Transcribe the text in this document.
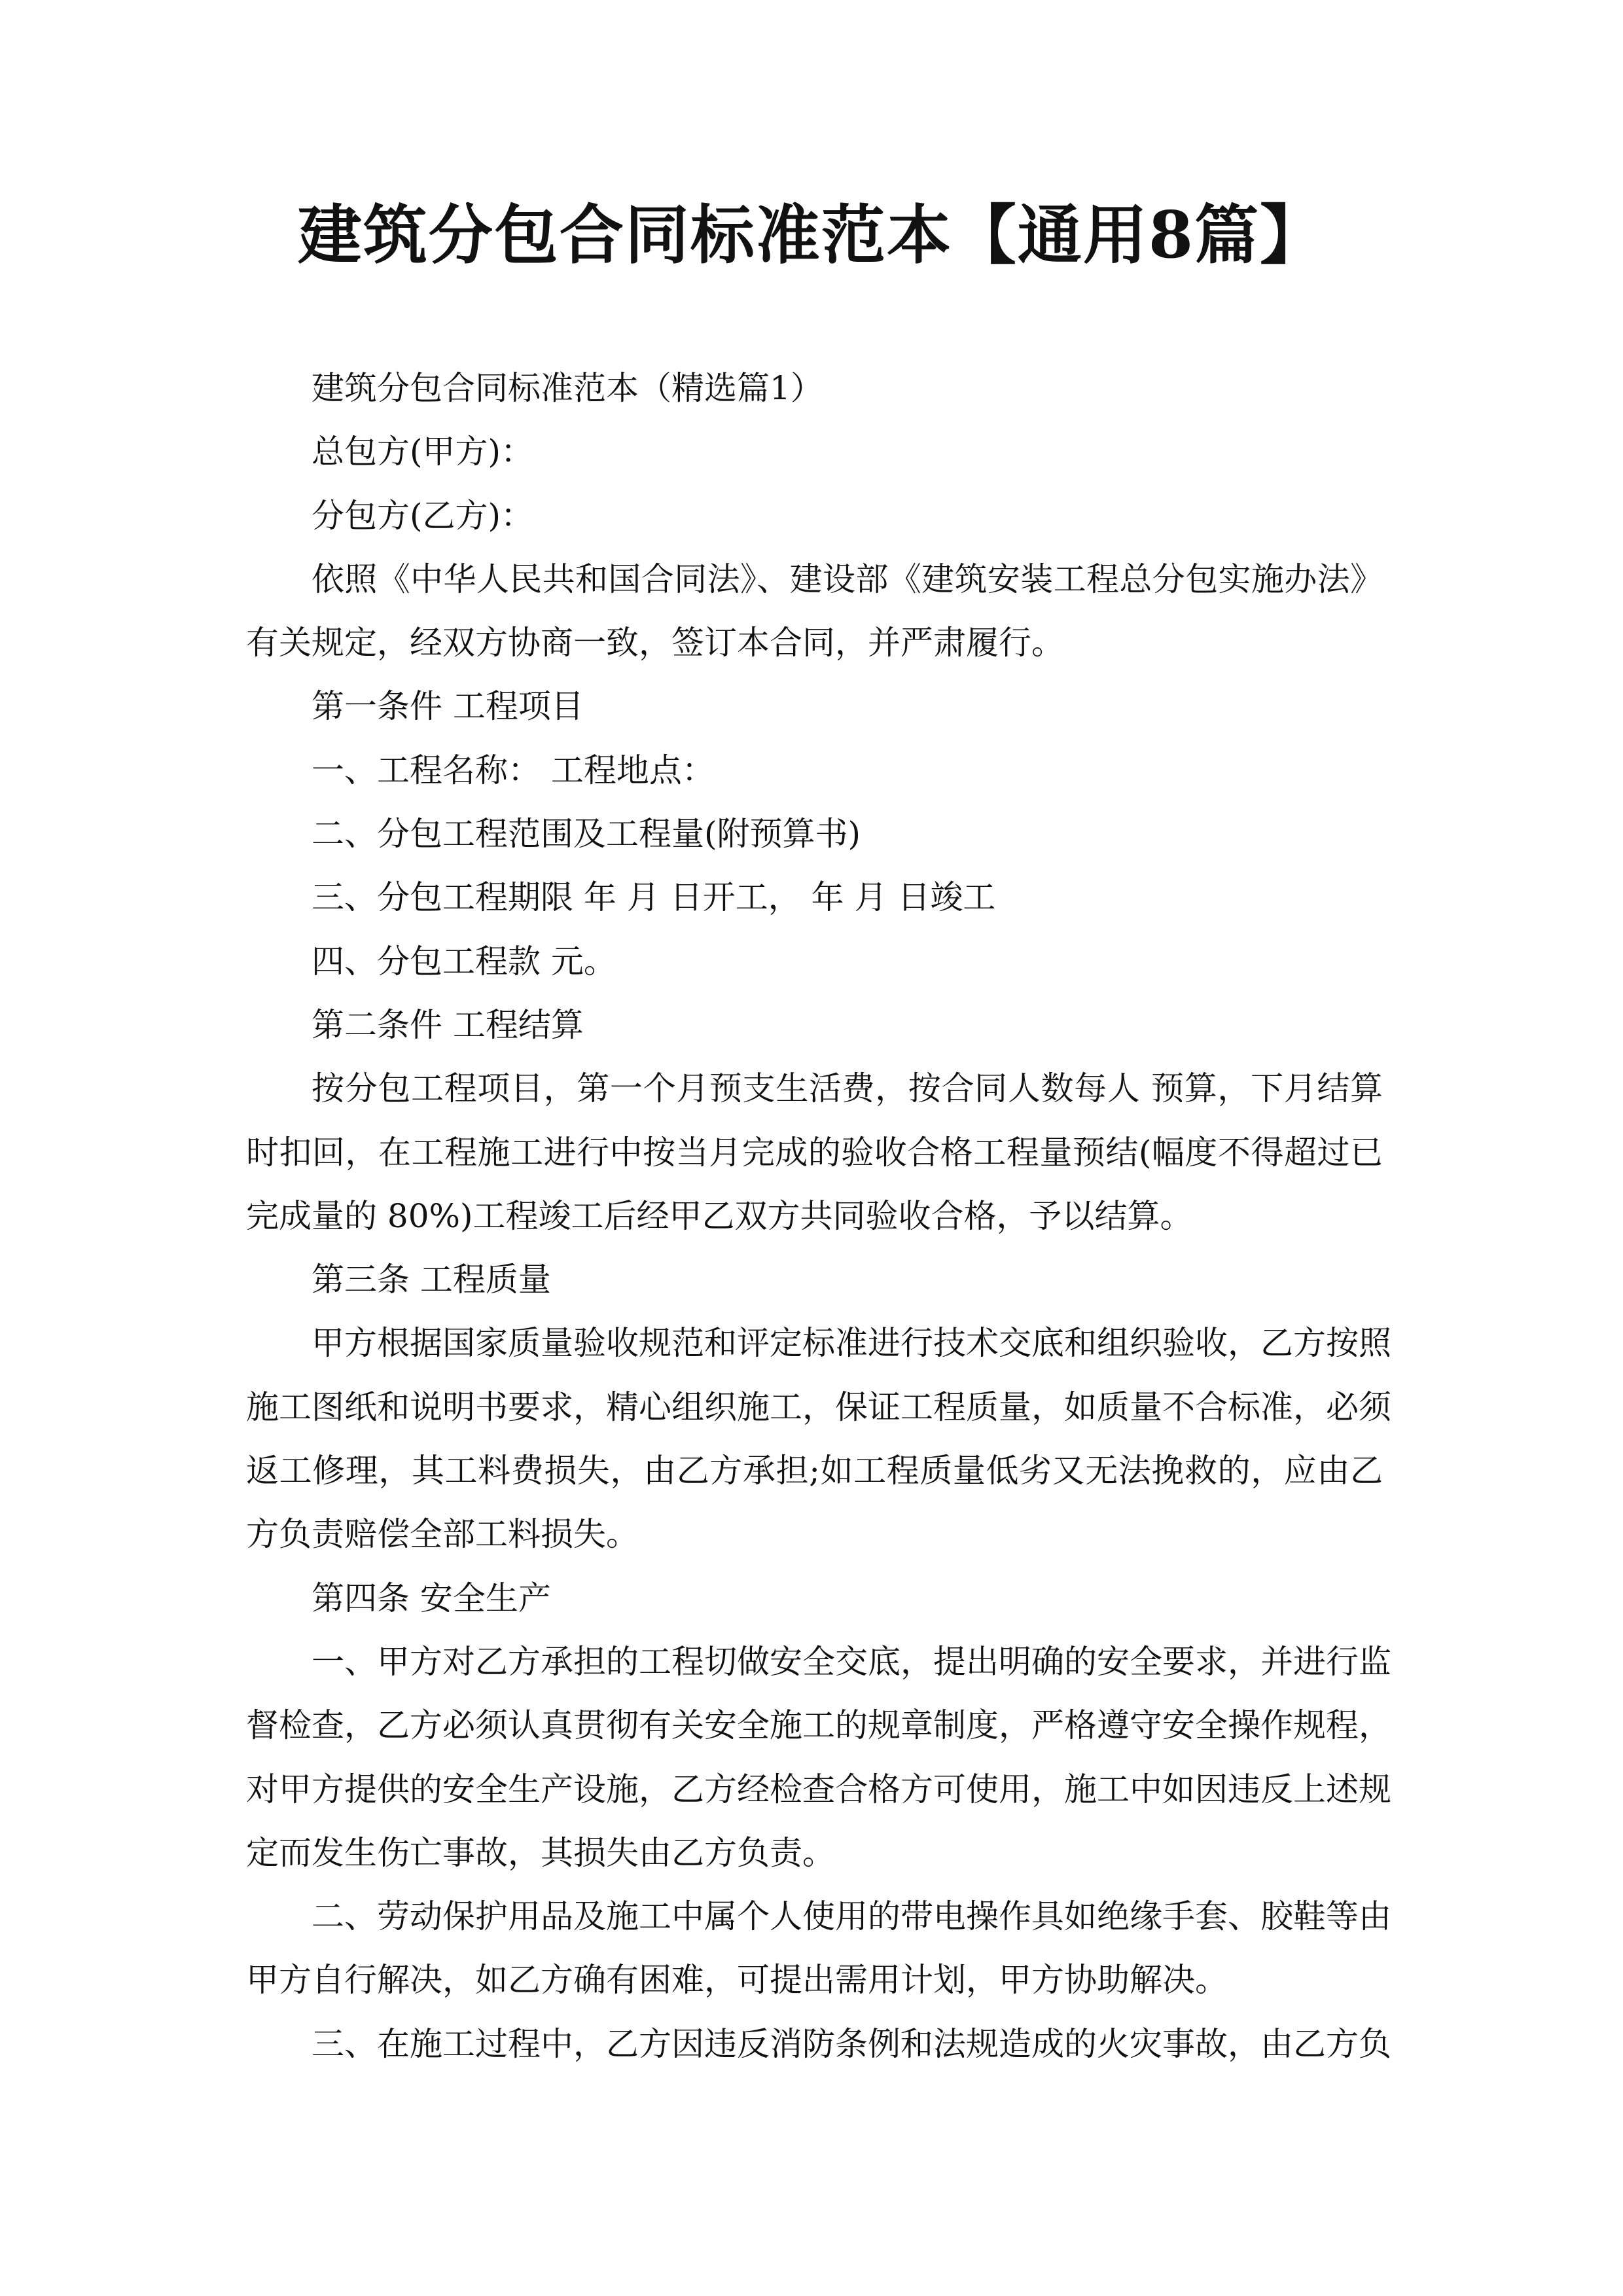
建筑分包合同标准范本【通用8篇】
建筑分包合同标准范本（精选篇1）
总包方(甲方)：
分包方(乙方)：
依照《中华人民共和国合同法》、建设部《建筑安装工程总分包实施办法》
有关规定，经双方协商一致，签订本合同，并严肃履行。
第一条件 工程项目
一、工程名称： 工程地点：
二、分包工程范围及工程量(附预算书)
三、分包工程期限 年 月 日开工， 年 月 日竣工
四、分包工程款 元。
第二条件 工程结算
按分包工程项目，第一个月预支生活费，按合同人数每人 预算，下月结算
时扣回，在工程施工进行中按当月完成的验收合格工程量预结(幅度不得超过已
完成量的 80%)工程竣工后经甲乙双方共同验收合格，予以结算。
第三条 工程质量
甲方根据国家质量验收规范和评定标准进行技术交底和组织验收，乙方按照
施工图纸和说明书要求，精心组织施工，保证工程质量，如质量不合标准，必须
返工修理，其工料费损失，由乙方承担;如工程质量低劣又无法挽救的，应由乙
方负责赔偿全部工料损失。
第四条 安全生产
一、甲方对乙方承担的工程切做安全交底，提出明确的安全要求，并进行监
督检查，乙方必须认真贯彻有关安全施工的规章制度，严格遵守安全操作规程，
对甲方提供的安全生产设施，乙方经检查合格方可使用，施工中如因违反上述规
定而发生伤亡事故，其损失由乙方负责。
二、劳动保护用品及施工中属个人使用的带电操作具如绝缘手套、胶鞋等由
甲方自行解决，如乙方确有困难，可提出需用计划，甲方协助解决。
三、在施工过程中，乙方因违反消防条例和法规造成的火灾事故，由乙方负
